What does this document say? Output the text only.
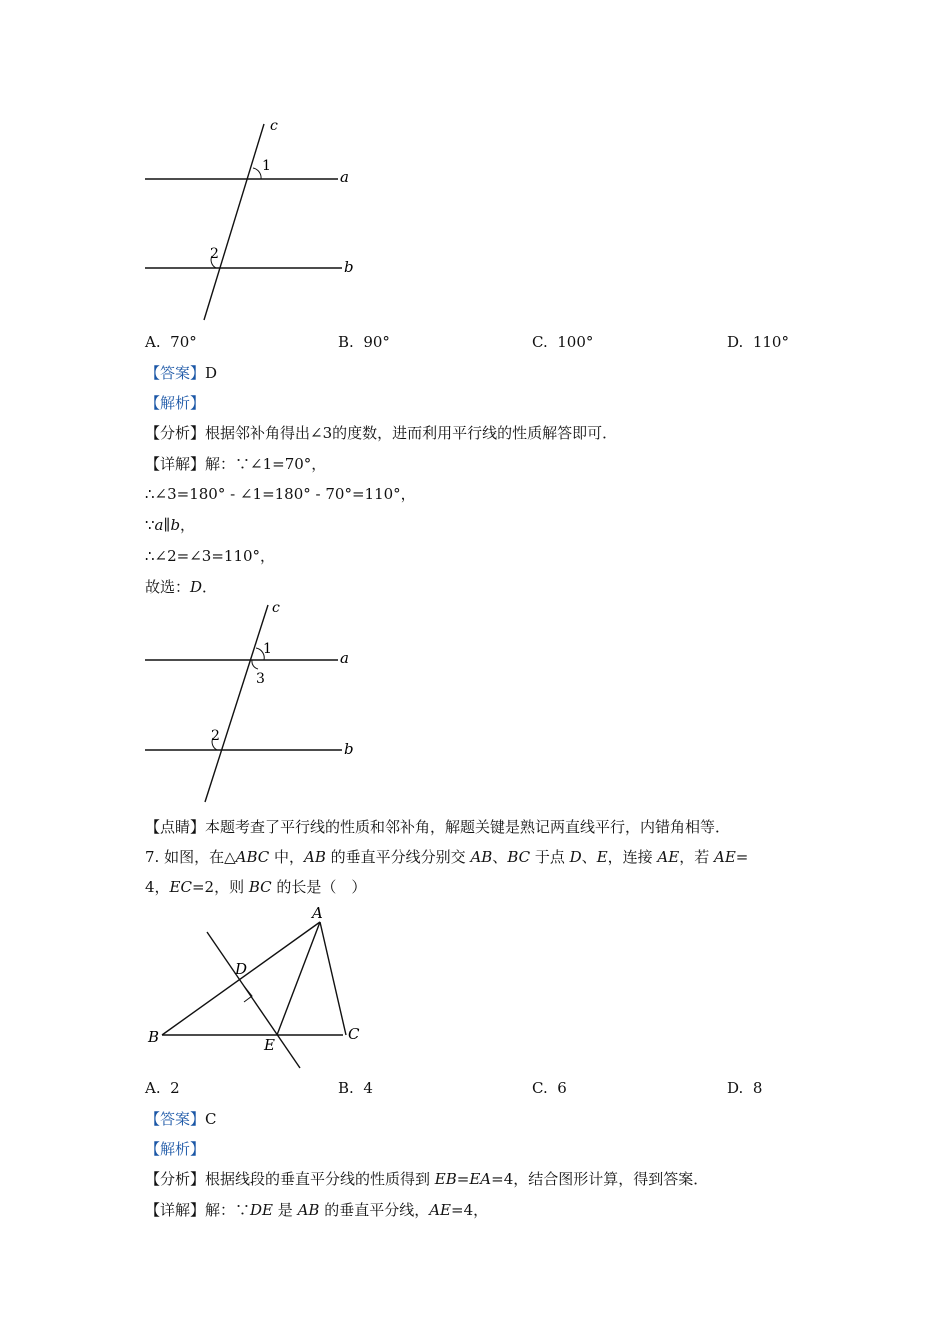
c
1
a
2
b
A. 70°	B. 90°	C. 100°	D. 110°
【答案】D
【解析】
【分析】根据邻补角得出∠3的度数，进而利用平行线的性质解答即可．
【详解】解：∵∠1=70°，
∴∠3=180° - ∠1=180° - 70°=110°，
∵a∥b，
∴∠2=∠3=110°，
故选：D．
c
1	a
3
2
b
【点睛】本题考查了平行线的性质和邻补角，解题关键是熟记两直线平行，内错角相等．
7. 如图，在△ABC 中，AB 的垂直平分线分别交 AB、BC 于点 D、E，连接 AE，若 AE=
4，EC=2，则 BC 的长是（　）
A
D
B	E
C
A. 2	B. 4	C. 6	D. 8
【答案】C
【解析】
【分析】根据线段的垂直平分线的性质得到 EB=EA=4，结合图形计算，得到答案．
【详解】解：∵DE 是 AB 的垂直平分线，AE=4，
